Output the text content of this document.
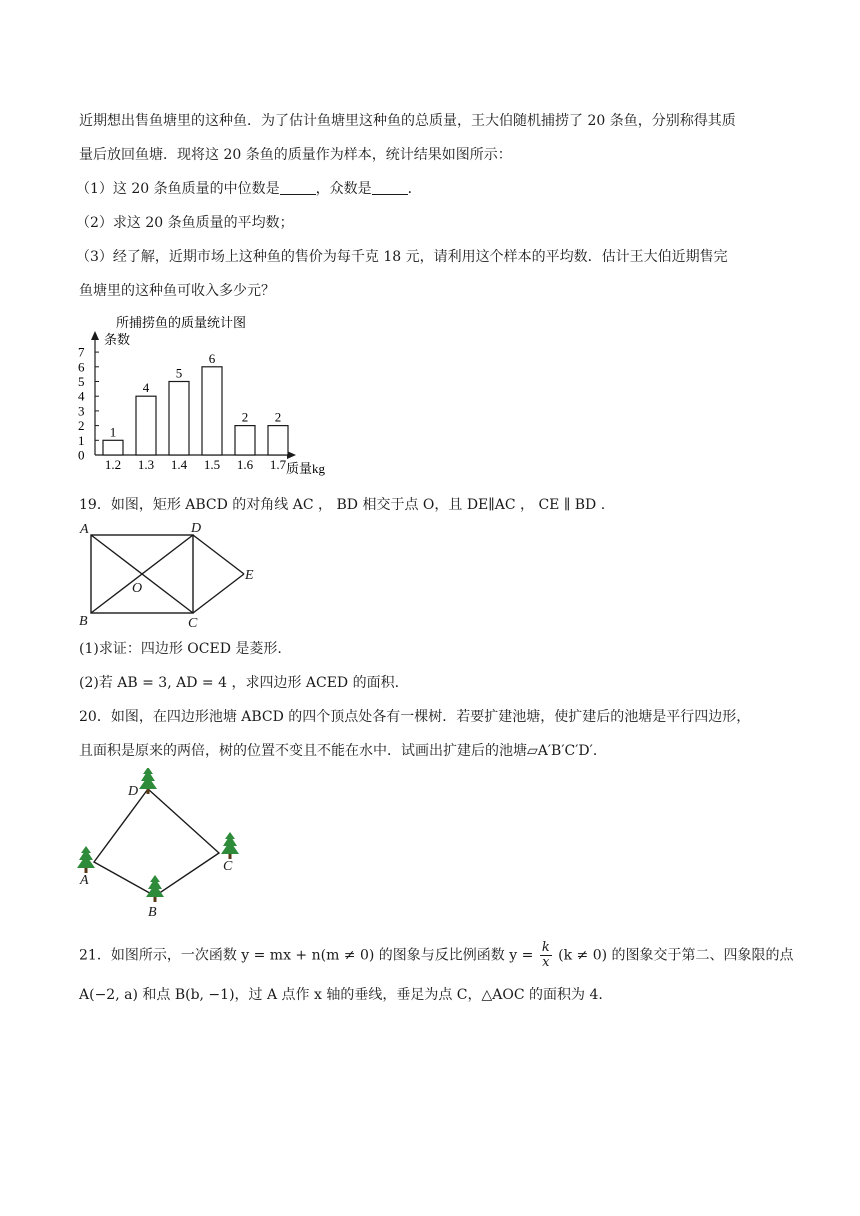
近期想出售鱼塘里的这种鱼．为了估计鱼塘里这种鱼的总质量，王大伯随机捕捞了 20 条鱼，分别称得其质
量后放回鱼塘．现将这 20 条鱼的质量作为样本，统计结果如图所示：
（1）这 20 条鱼质量的中位数是	，众数是	．
（2）求这 20 条鱼质量的平均数；
（3）经了解，近期市场上这种鱼的售价为每千克 18 元，请利用这个样本的平均数．估计王大伯近期售完
鱼塘里的这种鱼可收入多少元？
所捕捞鱼的质量统计图
条数
质量kg
0
1
2
3
4
5
6
7
1
1.2
4
1.3
5
1.4
6
1.5
2
1.6
2
1.7
19．如图，矩形 ABCD 的对角线 AC ， BD 相交于点 O，且 DE∥AC ， CE ∥ BD .
A	D
E
O
B	C
(1)求证：四边形 OCED 是菱形.
(2)若 AB = 3, AD = 4 ，求四边形 ACED 的面积.
20．如图，在四边形池塘 ABCD 的四个顶点处各有一棵树．若要扩建池塘，使扩建后的池塘是平行四边形，
且面积是原来的两倍，树的位置不变且不能在水中．试画出扩建后的池塘▱A′B′C′D′．
D
C
A
B
21．如图所示，一次函数 y = mx + n(m ≠ 0) 的图象与反比例函数 $y = \frac{k}{x} (k \ne 0)$ 的图象交于第二、四象限的点
A(−2, a) 和点 B(b, −1)，过 A 点作 x 轴的垂线，垂足为点 C，△AOC 的面积为 4.
